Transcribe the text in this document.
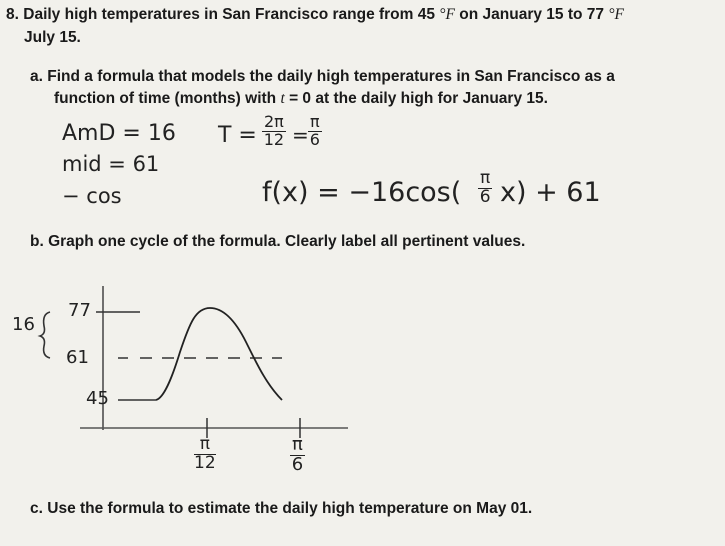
8. Daily high temperatures in San Francisco range from 45 °F on January 15 to 77 °F
July 15.
a. Find a formula that models the daily high temperatures in San Francisco as a
function of time (months) with t = 0 at the daily high for January 15.
AmD = 16 $T = \frac{2\pi}{12} = \frac{\pi}{6}$
mid = 61
− cos	$f(x) = -16\cos( \frac{\pi}{6} x) + 61$
b. Graph one cycle of the formula. Clearly label all pertinent values.
16
77
61
45
$\frac{\pi}{12}$	$\frac{\pi}{6}$
c. Use the formula to estimate the daily high temperature on May 01.
